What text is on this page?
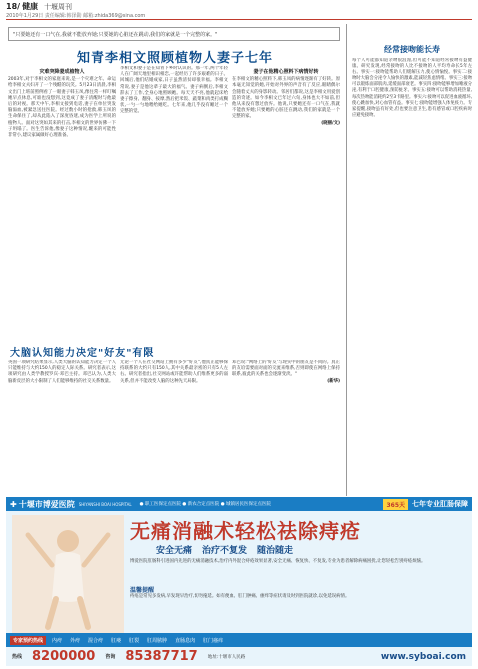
18/ 健康 十堰周刊
2010年1月29日 责任编辑:韩泽勋 邮箱:zhida369@sina.com
"只要她还有一口气在,我就不能放弃她;只要她的心脏还在跳动,我们的家就是一个完整的家。"
知青李相文照顾植物人妻子七年
灾难突降妻成植物人
2003年,对于李相文的家庭来说,是一个灾难之年。命运给李相文夫妇开了一个残酷的玩笑。5月23日清晨,李相文出门上班前照例看了一眼妻子韩玉凤,像往常一样叮嘱她早点休息,可谁也没想到,这竟成了妻子清醒时与他最后的对视。那天中午,李相文接到电话,妻子在单位突发脑溢血,被紧急送往医院。经过数小时的抢救,韩玉凤的生命保住了,却从此陷入了深度昏迷,成为医学上所说的植物人。面对这突如其来的打击,李相文的世界仿佛一下子坍塌了。医生告诉他,像妻子这种情况,醒来的可能性非常小,建议家属做好心理准备。
李相文和妻子是在知青下乡时认识的。那一年,两个年轻人在广阔天地里相识相恋,一起经历了许多艰难的日子。回城后,他们结婚成家,日子虽然清贫却很幸福。李相文常说,妻子是他这辈子最大的福气。妻子病倒后,李相文辞去了工作,全身心地照顾她。每天天不亮,他就起床给妻子擦身、翻身、按摩,然后把米饭、蔬菜和肉类打成糊状,一勺一勺地喂给她吃。七年来,他几乎没有睡过一个完整的觉。
妻子在他精心照料下病情好转
在李相文的精心照料下,韩玉凤的病情逐渐有了好转。原本毫无知觉的她,开始对外界的声音有了反应,眼睛偶尔会随着丈夫的身影转动。邻居们都说,这是李相文用爱创造的奇迹。如今李相文已年过六旬,身体也大不如前,但他从来没有想过放弃。他说,只要她还有一口气在,我就不能放弃她;只要她的心脏还在跳动,我们的家就是一个完整的家。
(晓丽/文)
大脑认知能力决定"好友"有限
英国一项研究结果显示,人类大脑的认知能力决定一个人只能维持与大约150人的稳定人际关系。研究者表示,这项研究由人类学教授罗宾·邓巴主持。邓巴认为,人类大脑新皮层的大小限制了人们能够维持的社交关系数量。
无论一个人在社交网站上拥有多少"好友",他真正能够保持联系的大约只有150人,其中关系最亲密的只有5人左右。研究者指出,社交网站或许能帮助人们维系更多的弱关系,但并不能改变人脑的这种先天局限。
邓巴说:"网络上的'好友'与现实中的朋友是不同的。真正的友谊需要面对面的交流来维系,否则即使在网络上保持联系,彼此的关系也会逐渐变淡。"
(新华)
经常接吻能长寿
每个人可能都知道亲吻很浪漫,但可能不知道经常接吻有益健康。研究发现,经常接吻的人比不接吻的人平均寿命长5年左右。事实一:接吻能帮助人们缓解压力,使心情愉悦。事实二:接吻时大脑会分泌令人愉快的激素,能减轻焦虑情绪。事实三:接吻可以锻炼面部肌肉,延缓面部衰老。事实四:接吻能够增加唾液分泌,有利于口腔健康,预防蛀牙。事实五:接吻可以帮助消耗热量,每次热吻能消耗约2至3卡路里。事实六:接吻可以促进血液循环,使心跳加快,对心血管有益。事实七:接吻能增强人体免疫力。专家提醒,接吻虽有好处,但也要注意卫生,患有感冒或口腔疾病时应避免接吻。
✚ 十堰市博爱医院 SHIYANSHI BOAI HOSPITAL ● 职工医保定点医院 ● 新农合定点医院 ● 城镇居民医保定点医院	365天	七年专业肛肠保障
无痛消融术轻松祛除痔疮
安全无痛 治疗不复发 随治随走
博爱医院肛肠科引进国内先进的无痛消融技术,治疗内外混合痔疮效果显著,安全无痛、恢复快、不复发,专业为患者解除病痛困扰,让您轻松告别痔疮烦恼。
温馨提醒
痔疮是常见多发病,早发现早治疗,切勿拖延。如有便血、肛门肿痛、瘙痒等症状请及时到医院就诊,以免延误病情。
专家预约热线	内痔	外痔	混合痔	肛瘘	肛裂	肛周脓肿	直肠息肉	肛门瘙痒
热线 8200000 咨询 85387717 地址:十堰市人民路	www.syboai.com
